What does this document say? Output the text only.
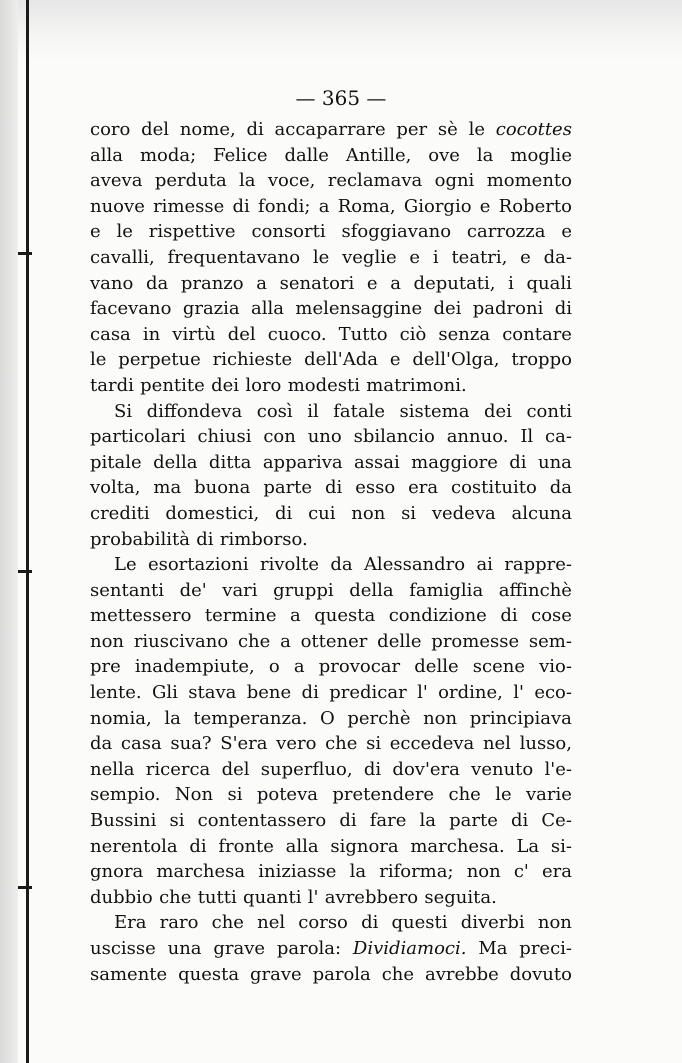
— 365 —
coro del nome, di accaparrare per sè le cocottes
alla moda; Felice dalle Antille, ove la moglie
aveva perduta la voce, reclamava ogni momento
nuove rimesse di fondi; a Roma, Giorgio e Roberto
e le rispettive consorti sfoggiavano carrozza e
cavalli, frequentavano le veglie e i teatri, e da-
vano da pranzo a senatori e a deputati, i quali
facevano grazia alla melensaggine dei padroni di
casa in virtù del cuoco. Tutto ciò senza contare
le perpetue richieste dell'Ada e dell'Olga, troppo
tardi pentite dei loro modesti matrimoni.
Si diffondeva così il fatale sistema dei conti
particolari chiusi con uno sbilancio annuo. Il ca-
pitale della ditta appariva assai maggiore di una
volta, ma buona parte di esso era costituito da
crediti domestici, di cui non si vedeva alcuna
probabilità di rimborso.
Le esortazioni rivolte da Alessandro ai rappre-
sentanti de' vari gruppi della famiglia affinchè
mettessero termine a questa condizione di cose
non riuscivano che a ottener delle promesse sem-
pre inadempiute, o a provocar delle scene vio-
lente. Gli stava bene di predicar l' ordine, l' eco-
nomia, la temperanza. O perchè non principiava
da casa sua? S'era vero che si eccedeva nel lusso,
nella ricerca del superfluo, di dov'era venuto l'e-
sempio. Non si poteva pretendere che le varie
Bussini si contentassero di fare la parte di Ce-
nerentola di fronte alla signora marchesa. La si-
gnora marchesa iniziasse la riforma; non c' era
dubbio che tutti quanti l' avrebbero seguita.
Era raro che nel corso di questi diverbi non
uscisse una grave parola: Dividiamoci. Ma preci-
samente questa grave parola che avrebbe dovuto
